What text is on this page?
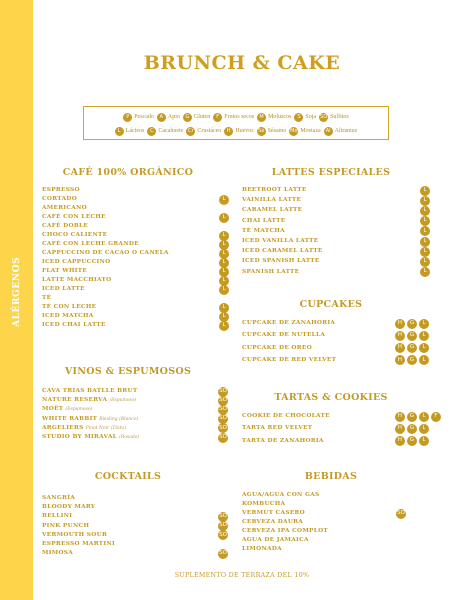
ALÉRGENOS
BRUNCH & CAKE
P Pescado	A Apio	G Gluten	F Frutos secos	M Moluscos	S Soja SO Sulfitos
L Lácteos	C Cacahuete Cr Crustáceo	H Huevos Sé Sésamo Mo Mostaza	Al Altramuz
CAFÉ 100% ORGÁNICO	LATTES ESPECIALES
CUPCAKES
VINOS & ESPUMOSOS
TARTAS & COOKIES
COCKTAILS	BEBIDAS
ESPRESSO
CORTADO	L
AMERICANO
CAFÉ CON LECHE	L
CAFÉ DOBLE
CHOCO CALIENTE	L
CAFÉ CON LECHE GRANDE	L
CAPPUCCINO DE CACAO O CANELA	L
ICED CAPPUCCINO	L
FLAT WHITE	L
LATTE MACCHIATO	L
ICED LATTE	L
TÉ
TÉ CON LECHE	L
ICED MATCHA	L
ICED CHAI LATTE	L
BEETROOT LATTE	L
VAINILLA LATTE	L
CARAMEL LATTE	L
CHAI LATTE	L
TÉ MATCHA	L
ICED VANILLA LATTE	L
ICED CARAMEL LATTE	L
ICED SPANISH LATTE	L
SPANISH LATTE	L
CUPCAKE DE ZANAHORIA	H	G	L
CUPCAKE DE NUTELLA	H	G	L
CUPCAKE DE OREO	H	G	L
CUPCAKE DE RED VELVET	H	G	L
CAVA TRIAS BATLLE BRUT	SO
NATURE RESERVA (Espumoso)	SO
MOËT (Espumoso)	SO
WHITE RABBIT Riesling (Blanco)	SO
ARGELIERS Pinot Noir (Tinto)	SO
STUDIO BY MIRAVAL (Rosado)	SO
COOKIE DE CHOCOLATE	H	G	L	F
TARTA RED VELVET	H	G	L
TARTA DE ZANAHORIA	H	G	L
SANGRÍA
BLOODY MARY
BELLINI	SO
PINK PUNCH	SO
VERMOUTH SOUR	SO
ESPRESSO MARTINI
MIMOSA	SO
AGUA/AGUA CON GAS
KOMBUCHA
VERMUT CASERO	SO
CERVEZA DAURA
CERVEZA IPA COMPLOT
AGUA DE JAMAICA
LIMONADA
SUPLEMENTO DE TERRAZA DEL 10%
